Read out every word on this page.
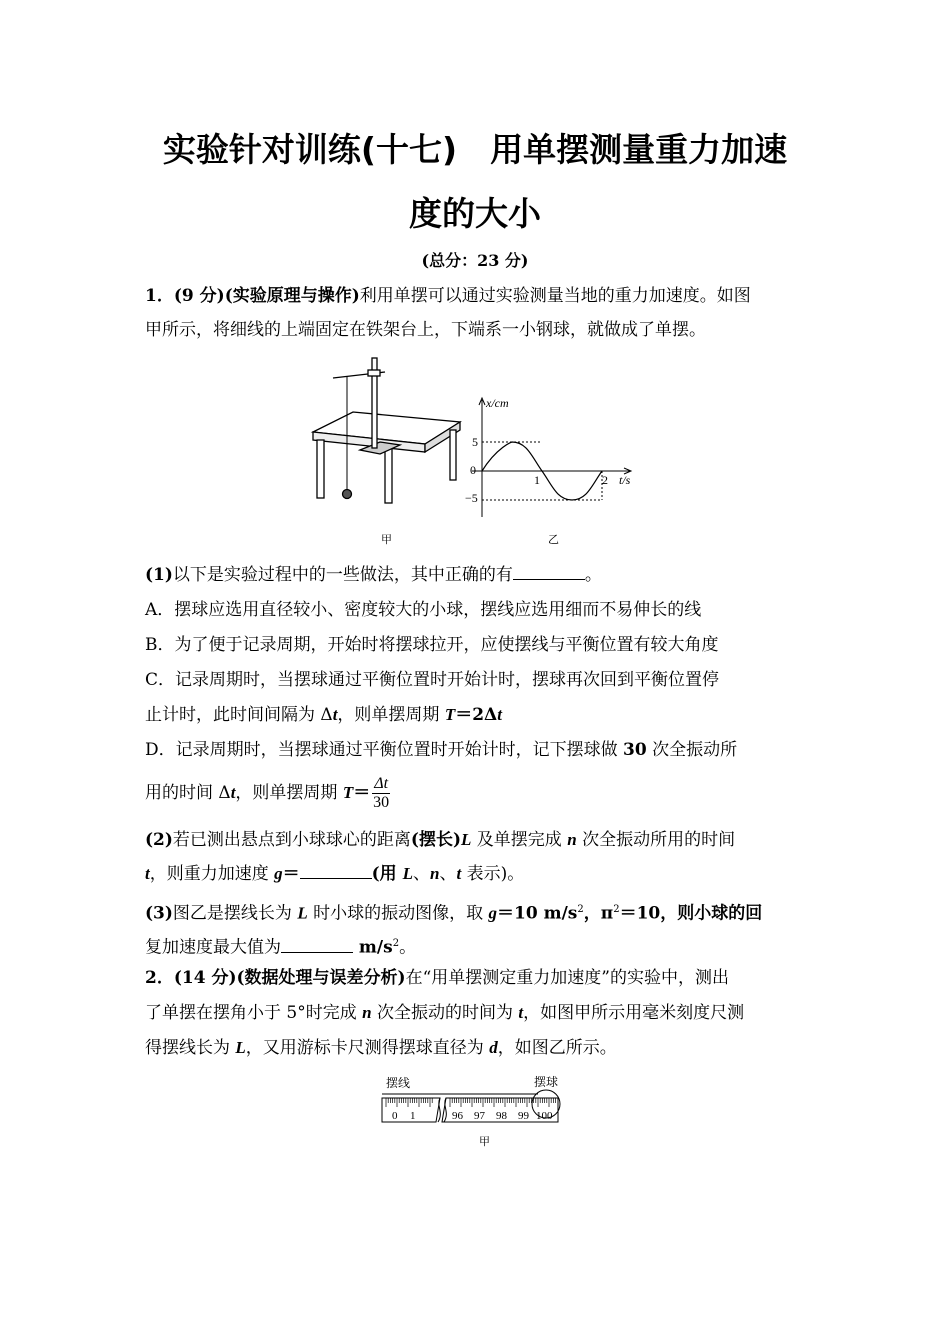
实验针对训练(十七)　用单摆测量重力加速
度的大小
(总分：23 分)
1．(9 分)(实验原理与操作)利用单摆可以通过实验测量当地的重力加速度。如图
甲所示，将细线的上端固定在铁架台上，下端系一小钢球，就做成了单摆。
甲
x/cm
5
0
−5
1	2 t/s
乙
(1)以下是实验过程中的一些做法，其中正确的有	。
A．摆球应选用直径较小、密度较大的小球，摆线应选用细而不易伸长的线
B．为了便于记录周期，开始时将摆球拉开，应使摆线与平衡位置有较大角度
C．记录周期时，当摆球通过平衡位置时开始计时，摆球再次回到平衡位置停
止计时，此时间间隔为 Δt，则单摆周期 T＝2Δt
D．记录周期时，当摆球通过平衡位置时开始计时，记下摆球做 30 次全振动所
用的时间 Δt，则单摆周期 $T= \frac{\Delta t}{30}$
(2)若已测出悬点到小球球心的距离(摆长)L 及单摆完成 n 次全振动所用的时间
t，则重力加速度 g＝	(用 L、n、t 表示)。
(3)图乙是摆线长为 L 时小球的振动图像，取 g＝10 $m/s^2$，$\pi^2=10$，则小球的回
复加速度最大值为	$m/s^2$。
2．(14 分)(数据处理与误差分析)在“用单摆测定重力加速度”的实验中，测出
了单摆在摆角小于 5°时完成 n 次全振动的时间为 t，如图甲所示用毫米刻度尺测
得摆线长为 L，又用游标卡尺测得摆球直径为 d，如图乙所示。
摆线
0 1	96 97 98 99 100
摆球
甲
